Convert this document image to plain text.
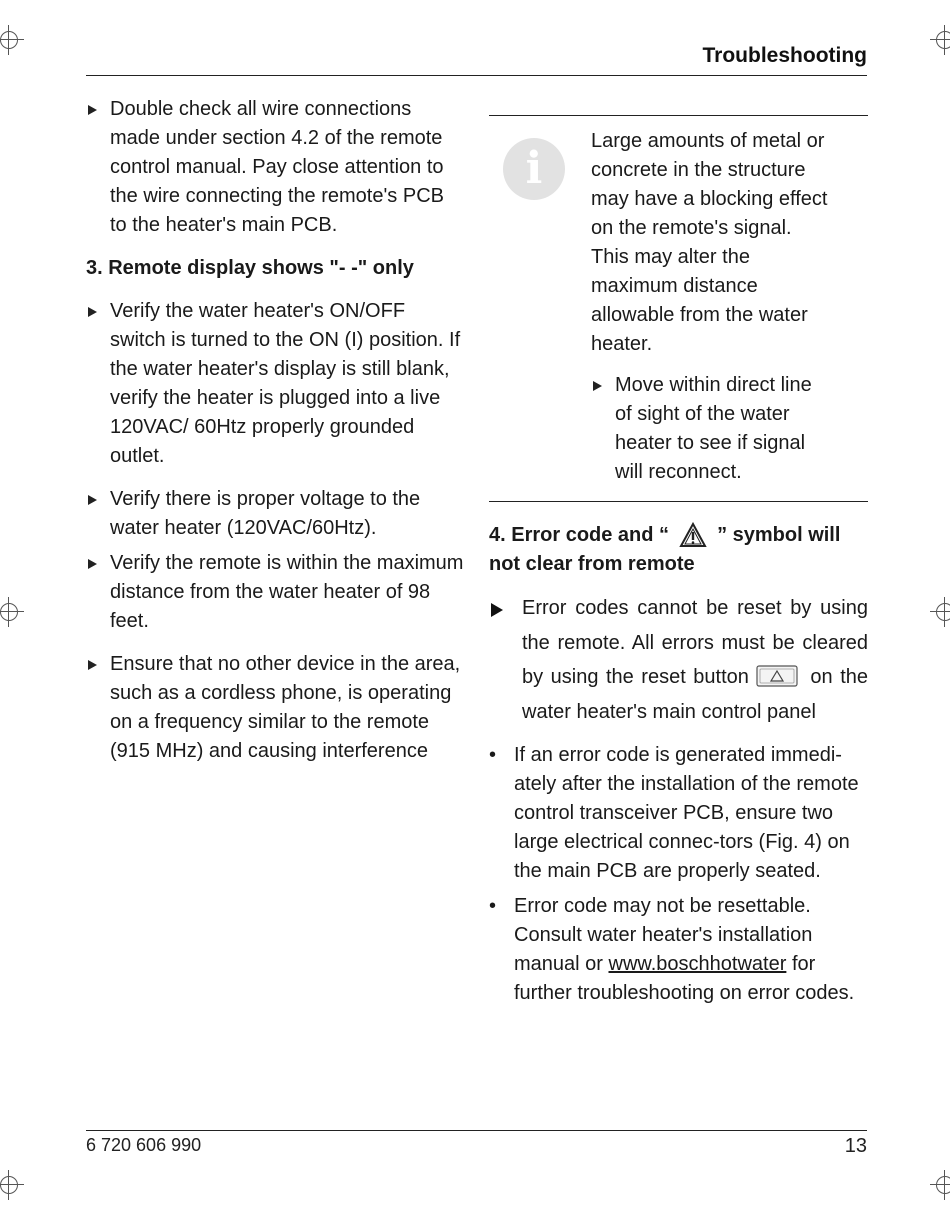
Troubleshooting
Double check all wire connections made under section 4.2 of the remote control manual. Pay close attention to the wire connecting the remote's PCB to the heater's main PCB.
3. Remote display shows "- -" only
Verify the water heater's ON/OFF switch is turned to the ON (I) position. If the water heater's display is still blank, verify the heater is plugged into a live 120VAC/ 60Htz properly grounded outlet.
Verify there is proper voltage to the water heater (120VAC/60Htz).
Verify the remote is within the maximum distance from the water heater of 98 feet.
Ensure that no other device in the area, such as a cordless phone, is operating on a frequency similar to the remote (915 MHz) and causing interference
i
Large amounts of metal or concrete in the structure may have a blocking effect on the remote's signal. This may alter the maximum distance allowable from the water heater.
Move within direct line of sight of the water heater to see if signal will reconnect.
4. Error code and “ ” symbol will not clear from remote
Error codes cannot be reset by using the remote. All errors must be cleared by using the reset button	on the water heater's main control panel
• If an error code is generated immedi-ately after the installation of the remote control transceiver PCB, ensure two large electrical connec-tors (Fig. 4) on the main PCB are properly seated.
• Error code may not be resettable. Consult water heater's installation manual or www.boschhotwater for further troubleshooting on error codes.
6 720 606 990	13
